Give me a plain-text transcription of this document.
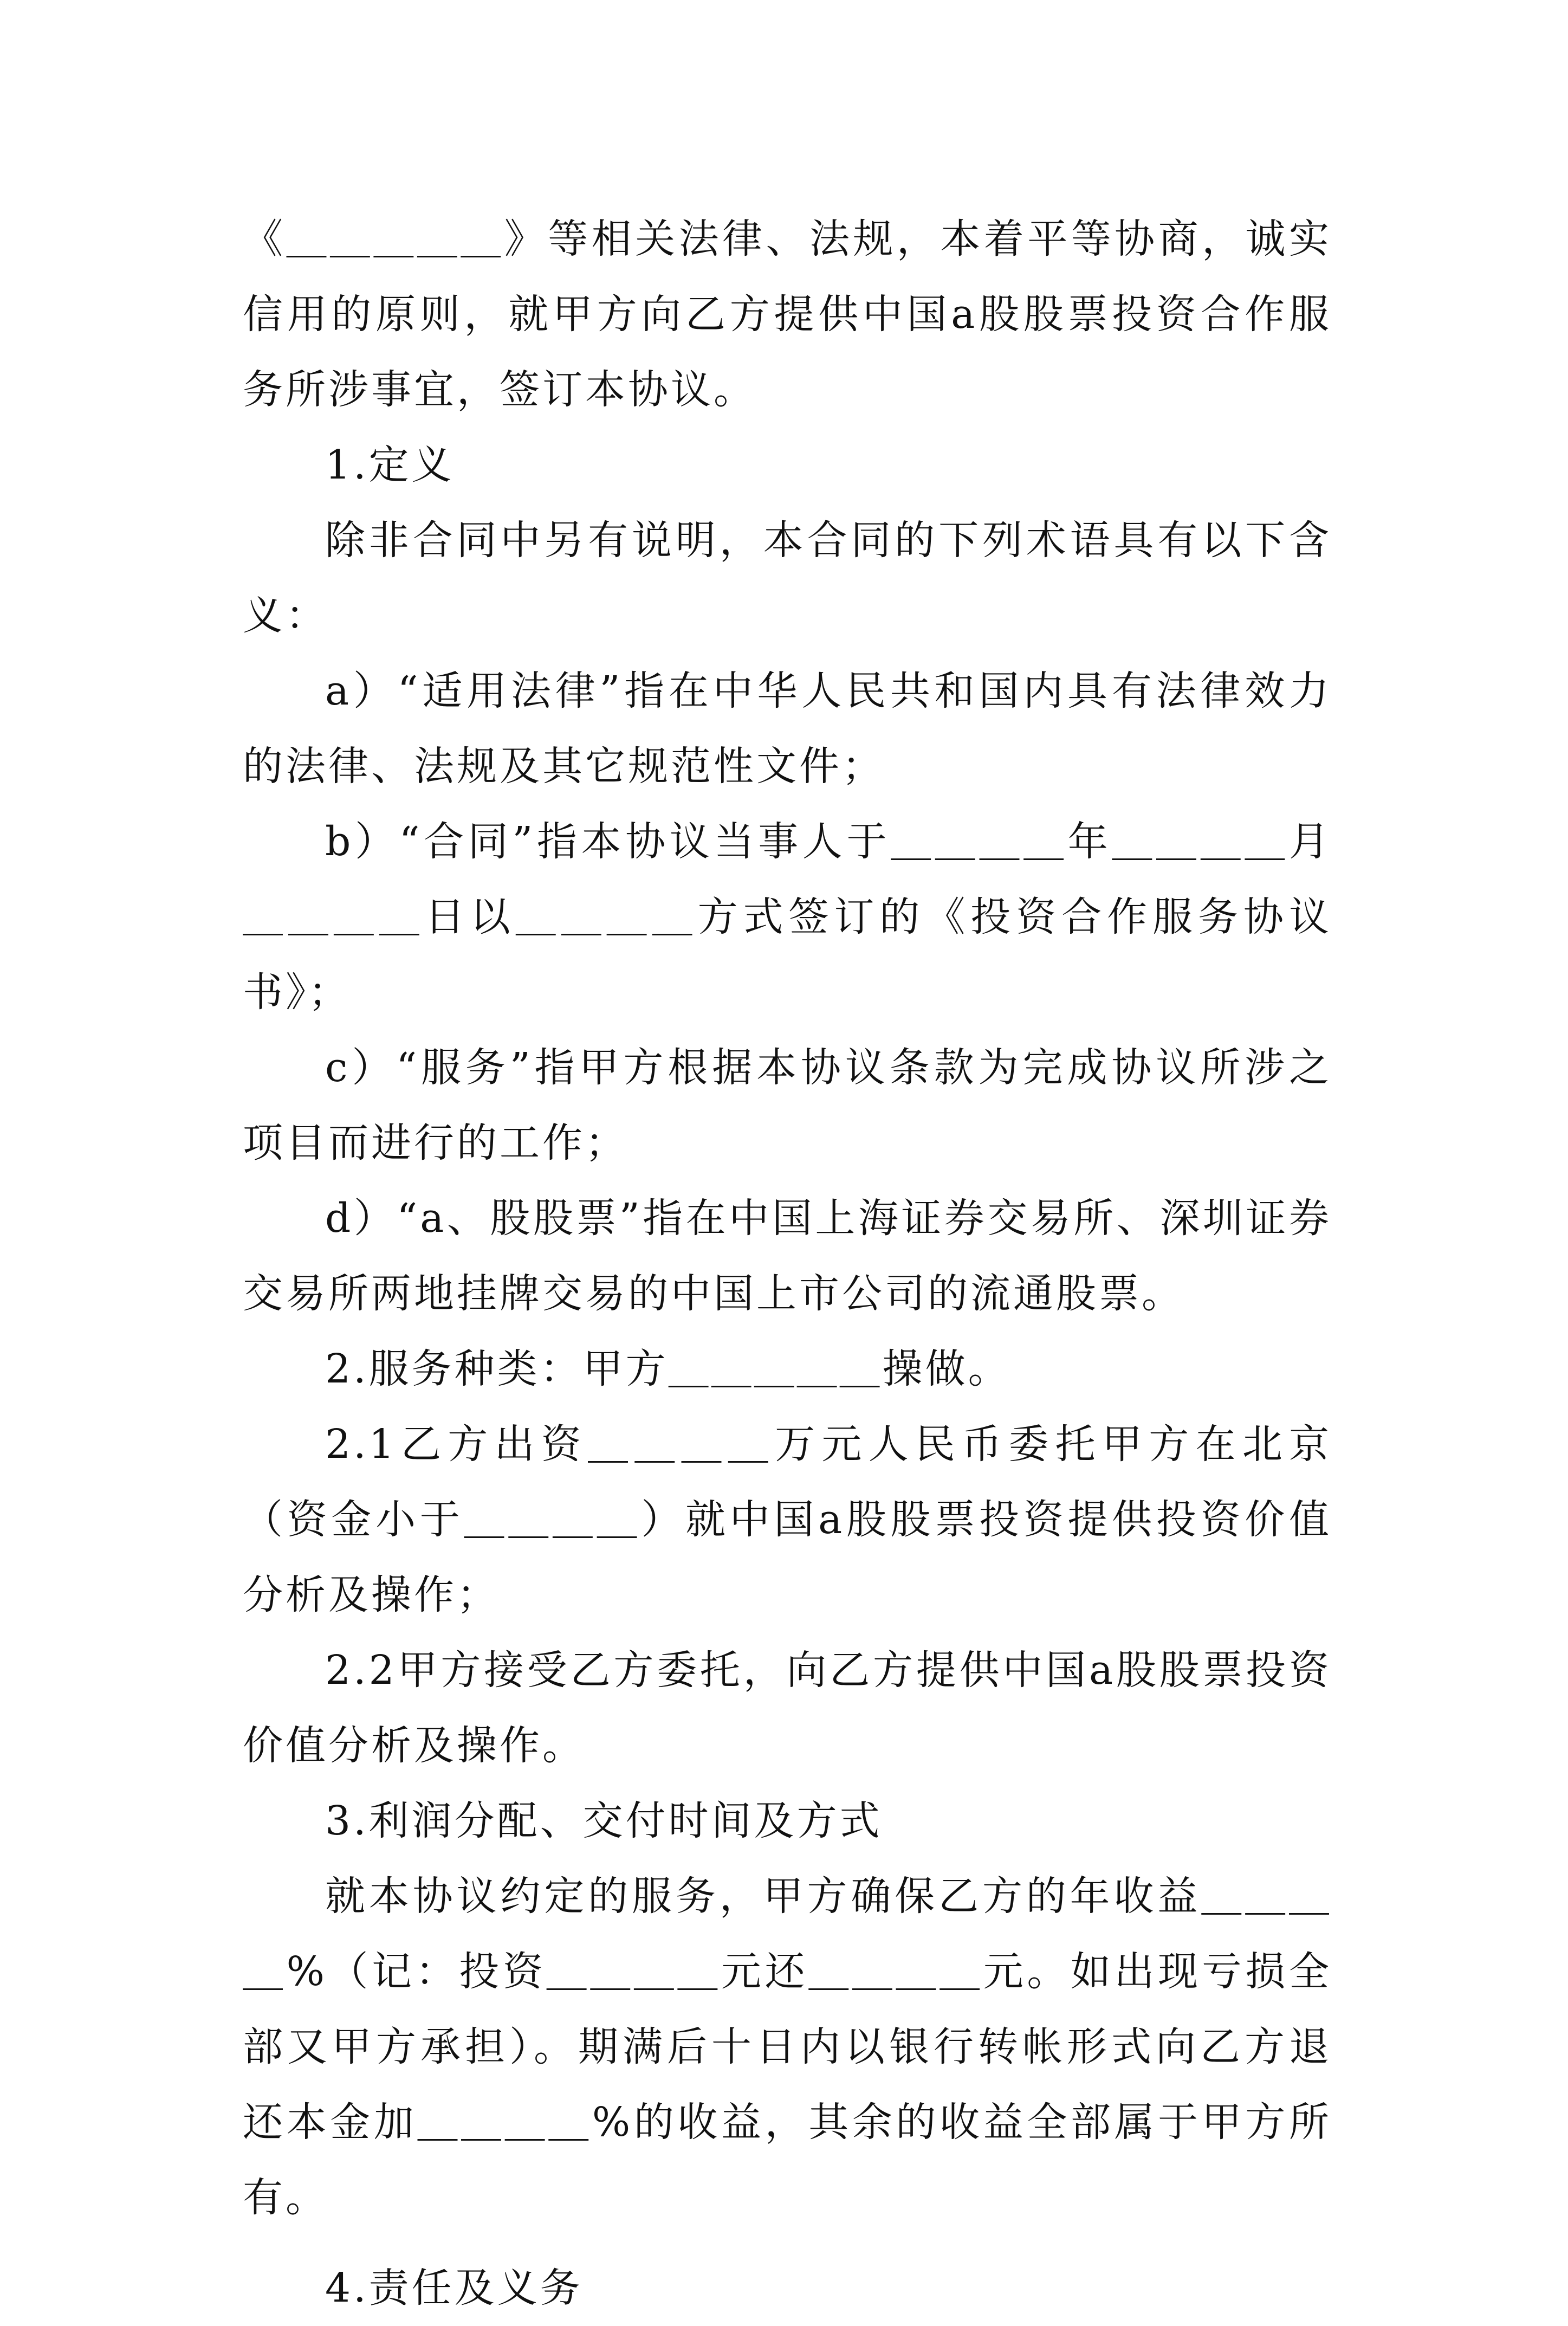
《＿＿＿＿＿》等相关法律、法规，本着平等协商，诚实信用的原则，就甲方向乙方提供中国a股股票投资合作服务所涉事宜，签订本协议。

1.定义

除非合同中另有说明，本合同的下列术语具有以下含义：

a）“适用法律”指在中华人民共和国内具有法律效力的法律、法规及其它规范性文件；

b）“合同”指本协议当事人于＿＿＿＿年＿＿＿＿月＿＿＿＿日以＿＿＿＿方式签订的《投资合作服务协议书》；

c）“服务”指甲方根据本协议条款为完成协议所涉之项目而进行的工作；

d）“a、股股票”指在中国上海证券交易所、深圳证券交易所两地挂牌交易的中国上市公司的流通股票。

2.服务种类：甲方＿＿＿＿＿操做。

2.1乙方出资＿＿＿＿万元人民币委托甲方在北京（资金小于＿＿＿＿）就中国a股股票投资提供投资价值分析及操作；

2.2甲方接受乙方委托，向乙方提供中国a股股票投资价值分析及操作。

3.利润分配、交付时间及方式

就本协议约定的服务，甲方确保乙方的年收益＿＿＿＿%（记：投资＿＿＿＿元还＿＿＿＿元。如出现亏损全部又甲方承担）。期满后十日内以银行转帐形式向乙方退还本金加＿＿＿＿%的收益，其余的收益全部属于甲方所有。

4.责任及义务
